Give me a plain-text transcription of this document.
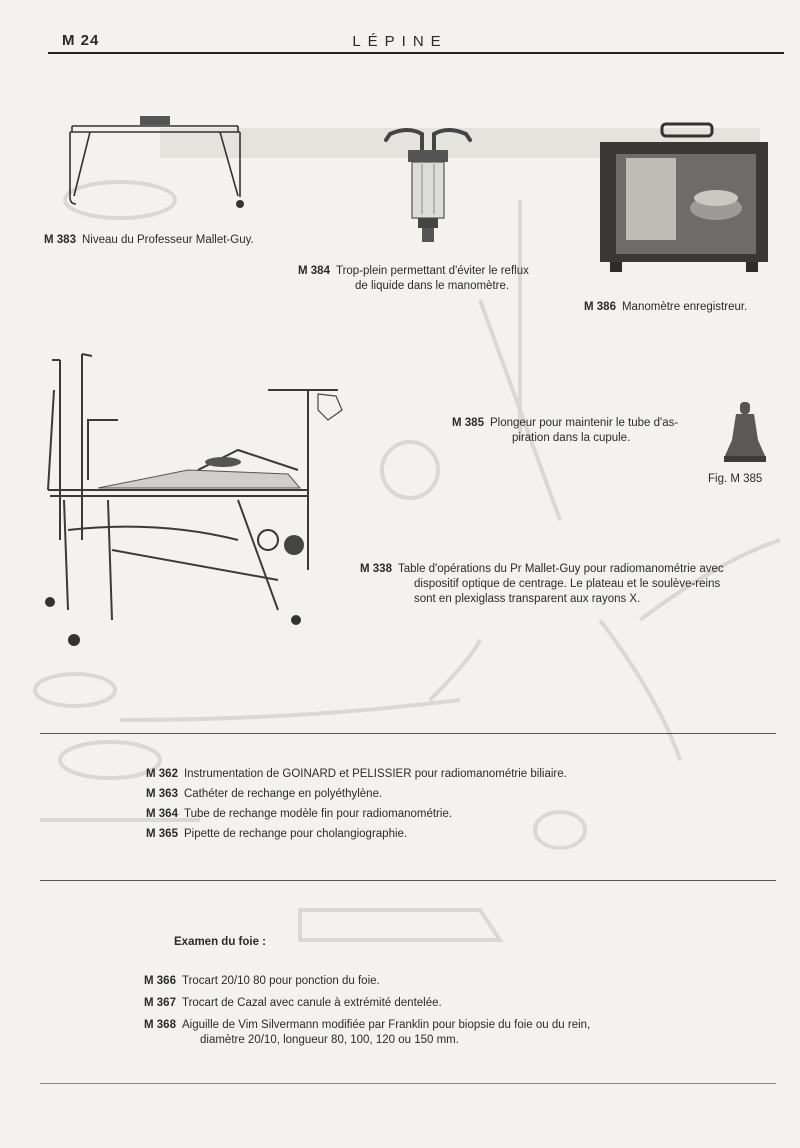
M 24	LÉPINE
M 383 Niveau du Professeur Mallet-Guy.
M 384 Trop-plein permettant d'éviter le reflux
de liquide dans le manomètre.
M 386 Manomètre enregistreur.
M 385 Plongeur pour maintenir le tube d'as-
piration dans la cupule.
Fig. M 385
M 338 Table d'opérations du Pr Mallet-Guy pour radiomanométrie avec
dispositif optique de centrage. Le plateau et le soulève-reins
sont en plexiglass transparent aux rayons X.
M 362 Instrumentation de GOINARD et PELISSIER pour radiomanométrie biliaire.
M 363 Cathéter de rechange en polyéthylène.
M 364 Tube de rechange modèle fin pour radiomanométrie.
M 365 Pipette de rechange pour cholangiographie.
Examen du foie :
M 366 Trocart 20/10 80 pour ponction du foie.
M 367 Trocart de Cazal avec canule à extrémité dentelée.
M 368 Aiguille de Vim Silvermann modifiée par Franklin pour biopsie du foie ou du rein,
diamètre 20/10, longueur 80, 100, 120 ou 150 mm.
